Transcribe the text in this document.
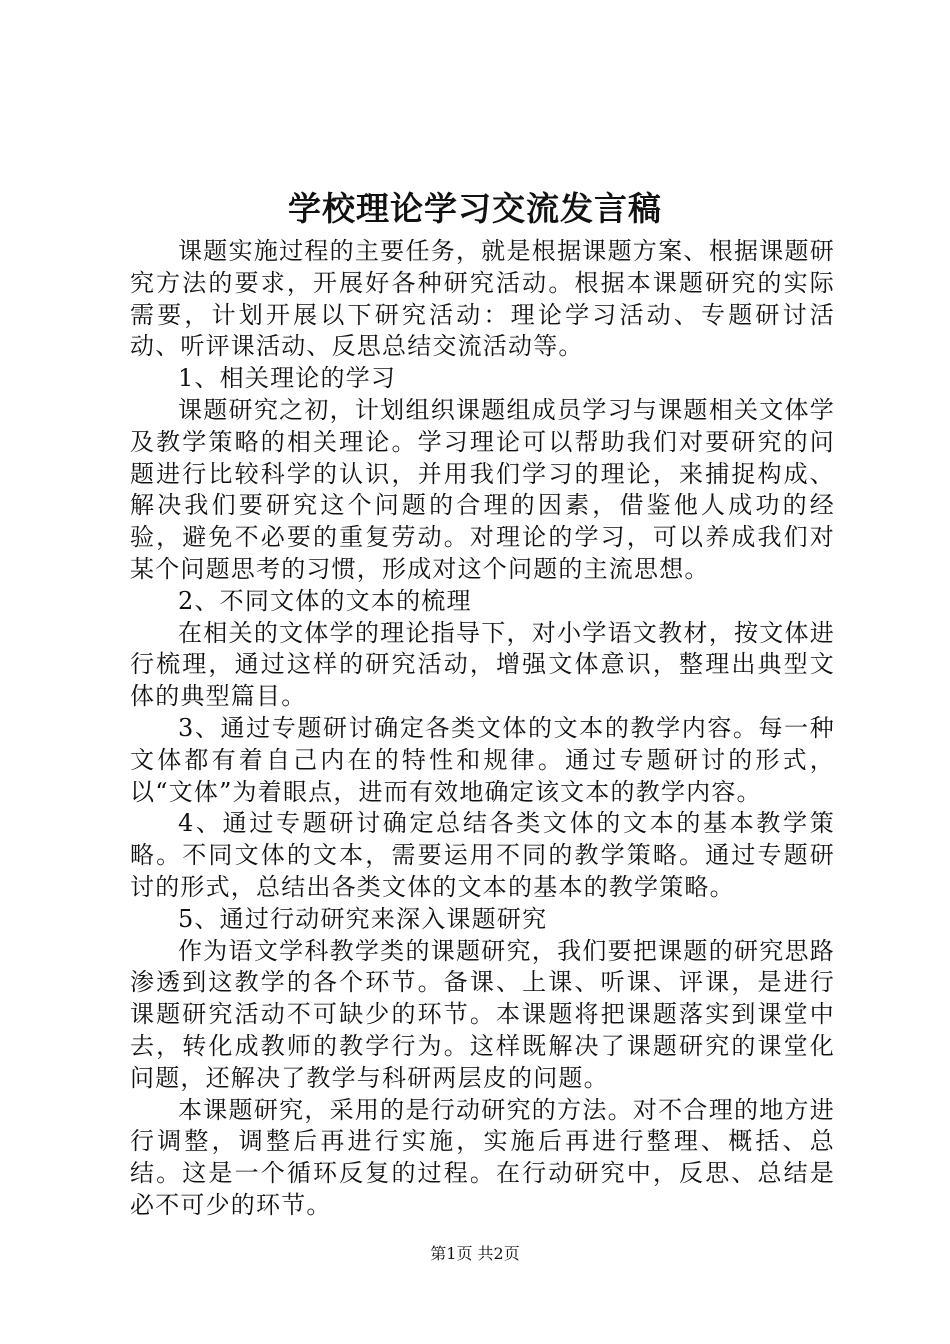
学校理论学习交流发言稿

课题实施过程的主要任务，就是根据课题方案、根据课题研究方法的要求，开展好各种研究活动。根据本课题研究的实际需要，计划开展以下研究活动：理论学习活动、专题研讨活动、听评课活动、反思总结交流活动等。

1、相关理论的学习

课题研究之初，计划组织课题组成员学习与课题相关文体学及教学策略的相关理论。学习理论可以帮助我们对要研究的问题进行比较科学的认识，并用我们学习的理论，来捕捉构成、解决我们要研究这个问题的合理的因素，借鉴他人成功的经验，避免不必要的重复劳动。对理论的学习，可以养成我们对某个问题思考的习惯，形成对这个问题的主流思想。

2、不同文体的文本的梳理

在相关的文体学的理论指导下，对小学语文教材，按文体进行梳理，通过这样的研究活动，增强文体意识，整理出典型文体的典型篇目。

3、通过专题研讨确定各类文体的文本的教学内容。每一种文体都有着自己内在的特性和规律。通过专题研讨的形式，以“文体”为着眼点，进而有效地确定该文本的教学内容。

4、通过专题研讨确定总结各类文体的文本的基本教学策略。不同文体的文本，需要运用不同的教学策略。通过专题研讨的形式，总结出各类文体的文本的基本的教学策略。

5、通过行动研究来深入课题研究

作为语文学科教学类的课题研究，我们要把课题的研究思路渗透到这教学的各个环节。备课、上课、听课、评课，是进行课题研究活动不可缺少的环节。本课题将把课题落实到课堂中去，转化成教师的教学行为。这样既解决了课题研究的课堂化问题，还解决了教学与科研两层皮的问题。

本课题研究，采用的是行动研究的方法。对不合理的地方进行调整，调整后再进行实施，实施后再进行整理、概括、总结。这是一个循环反复的过程。在行动研究中，反思、总结是必不可少的环节。

第1页 共2页
